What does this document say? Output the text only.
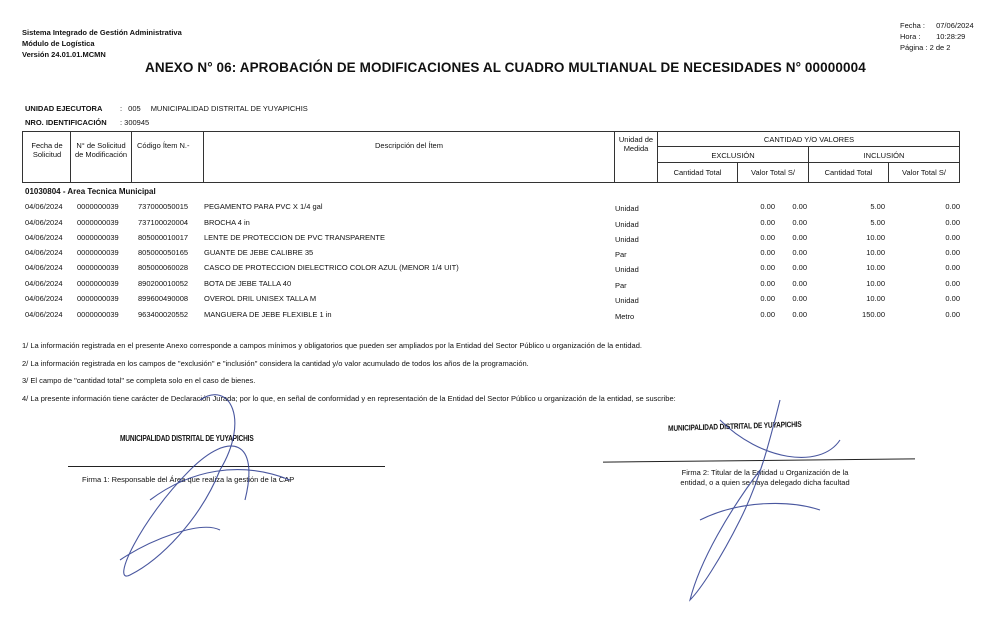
Sistema Integrado de Gestión Administrativa
Módulo de Logística
Versión 24.01.01.MCMN
Fecha : 07/06/2024
Hora : 10:28:29
Página : 2 de 2
ANEXO N° 06: APROBACIÓN DE MODIFICACIONES AL CUADRO MULTIANUAL DE NECESIDADES N° 00000004
UNIDAD EJECUTORA : 005 MUNICIPALIDAD DISTRITAL DE YUYAPICHIS
NRO. IDENTIFICACIÓN : 300945
Fecha de Solicitud
N° de Solicitud de Modificación
Código Ítem N.-	Descripción del Ítem
Unidad de Medida
CANTIDAD Y/O VALORES
EXCLUSIÓN	INCLUSIÓN
Cantidad Total	Valor Total S/	Cantidad Total	Valor Total S/
01030804 - Area Tecnica Municipal
04/06/2024 0000000039	737000050015 PEGAMENTO PARA PVC X 1/4 gal	Unidad	0.00	0.00	5.00	0.00
04/06/2024 0000000039	737100020004 BROCHA 4 in	Unidad	0.00	0.00	5.00	0.00
04/06/2024 0000000039	805000010017 LENTE DE PROTECCION DE PVC TRANSPARENTE	Unidad	0.00	0.00	10.00	0.00
04/06/2024 0000000039	805000050165 GUANTE DE JEBE CALIBRE 35	Par	0.00	0.00	10.00	0.00
04/06/2024 0000000039	805000060028 CASCO DE PROTECCION DIELECTRICO COLOR AZUL (MENOR 1/4 UIT)	Unidad	0.00	0.00	10.00	0.00
04/06/2024 0000000039	890200010052 BOTA DE JEBE TALLA 40	Par	0.00	0.00	10.00	0.00
04/06/2024 0000000039	899600490008 OVEROL DRIL UNISEX TALLA M	Unidad	0.00	0.00	10.00	0.00
04/06/2024 0000000039	963400020552 MANGUERA DE JEBE FLEXIBLE 1 in	Metro	0.00	0.00	150.00	0.00
1/ La información registrada en el presente Anexo corresponde a campos mínimos y obligatorios que pueden ser ampliados por la Entidad del Sector Público u organización de la entidad.
2/ La información registrada en los campos de "exclusión" e "inclusión" considera la cantidad y/o valor acumulado de todos los años de la programación.
3/ El campo de "cantidad total" se completa solo en el caso de bienes.
4/ La presente información tiene carácter de Declaración Jurada; por lo que, en señal de conformidad y en representación de la Entidad del Sector Público u organización de la entidad, se suscribe:
MUNICIPALIDAD DISTRITAL DE YUYAPICHIS
Firma 1: Responsable del Área que realiza la gestión de la CAP
MUNICIPALIDAD DISTRITAL DE YUYAPICHIS
Firma 2: Titular de la Entidad u Organización de la
entidad, o a quien se haya delegado dicha facultad
